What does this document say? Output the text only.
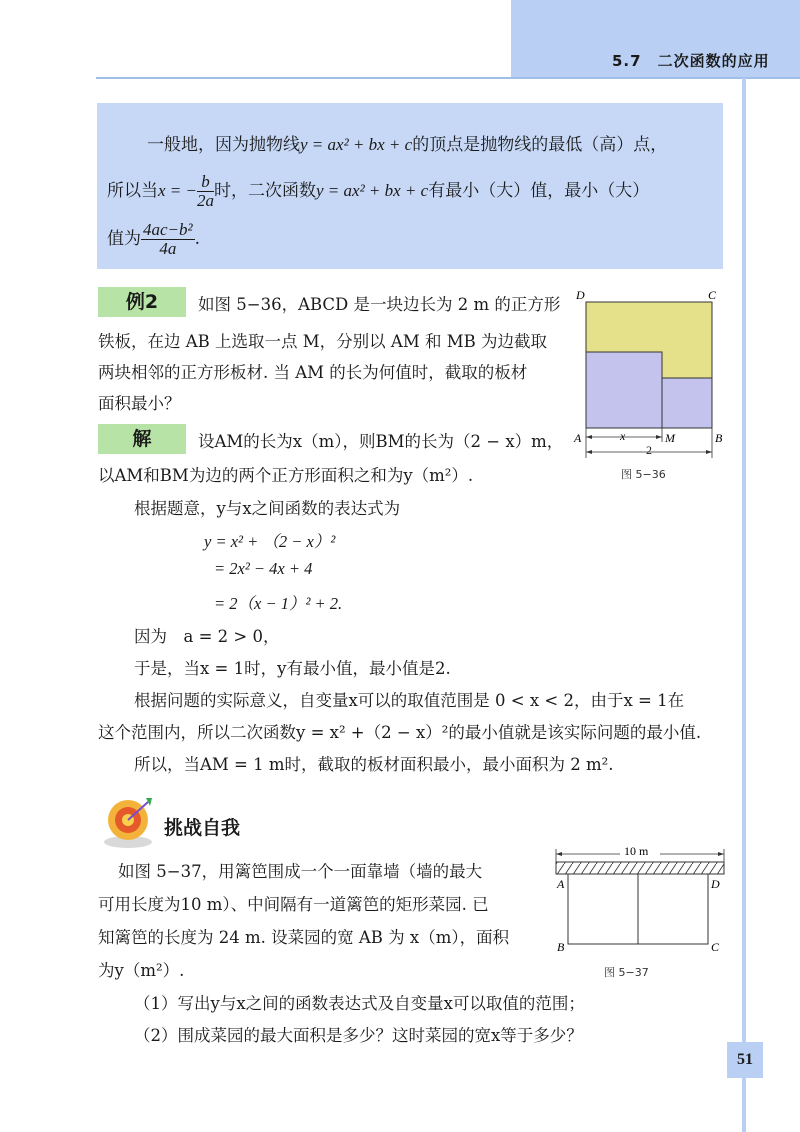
5.7　二次函数的应用
一般地，因为抛物线y = ax² + bx + c的顶点是抛物线的最低（高）点，
所以当x = − $\frac{b}{2a}$ 时，二次函数y = ax² + bx + c有最小（大）值，最小（大）
值为 $\frac{\text{4ac−b²}}{4a}$ .
例2	如图 5−36，ABCD 是一块边长为 2 m 的正方形
铁板，在边 AB 上选取一点 M，分别以 AM 和 MB 为边截取
两块相邻的正方形板材. 当 AM 的长为何值时，截取的板材
面积最小？
D	C
A	B
M
x
2
图 5−36
解	设AM的长为x（m），则BM的长为（2 − x）m，
以AM和BM为边的两个正方形面积之和为y（m²）.
根据题意，y与x之间函数的表达式为
y = x² + （2 − x）²
= 2x² − 4x + 4
= 2（x − 1）² + 2.
因为　a = 2 > 0，
于是，当x = 1时，y有最小值，最小值是2.
根据问题的实际意义，自变量x可以的取值范围是 0 < x < 2，由于x = 1在
这个范围内，所以二次函数y = x² +（2 − x）²的最小值就是该实际问题的最小值.
所以，当AM = 1 m时，截取的板材面积最小，最小面积为 2 m².
挑战自我
如图 5−37，用篱笆围成一个一面靠墙（墙的最大
可用长度为10 m）、中间隔有一道篱笆的矩形菜园. 已
知篱笆的长度为 24 m. 设菜园的宽 AB 为 x（m），面积
为y（m²）.
（1）写出y与x之间的函数表达式及自变量x可以取值的范围；
（2）围成菜园的最大面积是多少？这时菜园的宽x等于多少？
10 m
A	D
B	C
图 5−37
51
